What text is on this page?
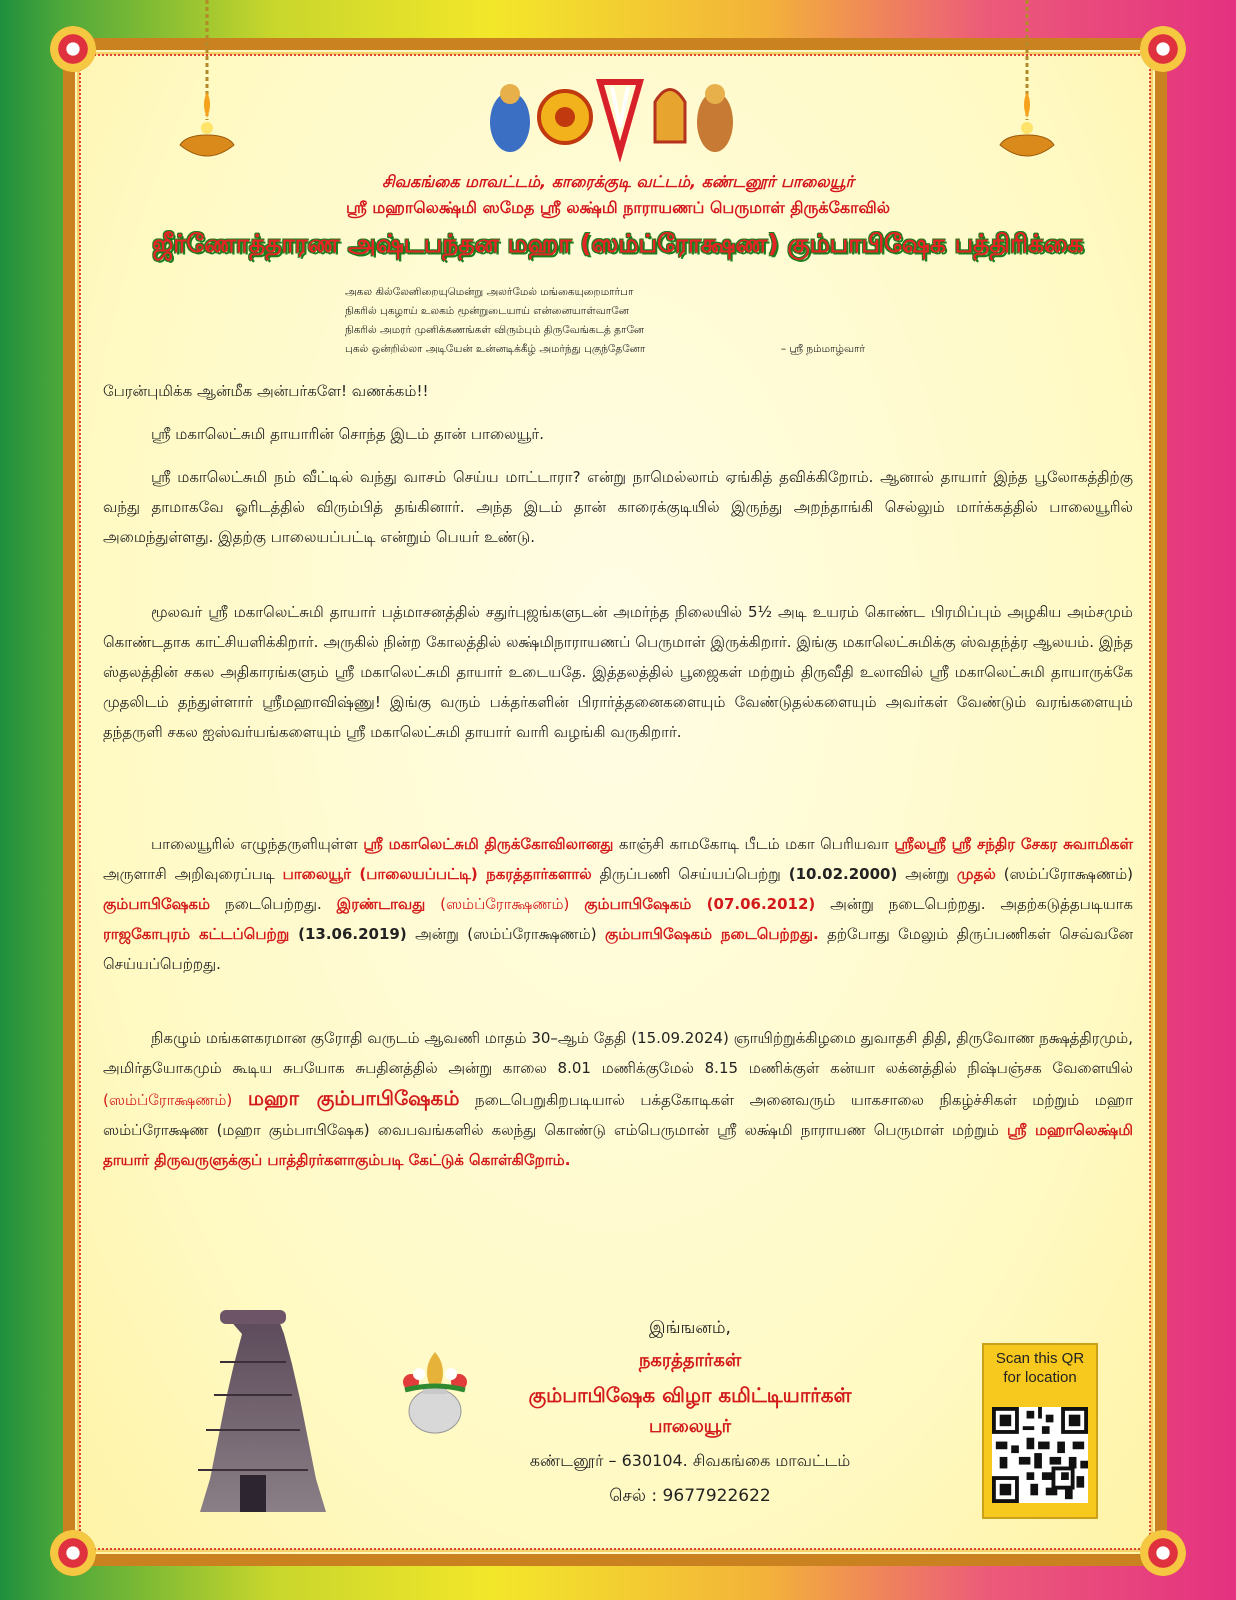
சிவகங்கை மாவட்டம், காரைக்குடி வட்டம், கண்டனூர் பாலையூர்
ஸ்ரீ மஹாலெக்ஷ்மி ஸமேத ஸ்ரீ லக்ஷ்மி நாராயணப் பெருமாள் திருக்கோவில்
ஜீர்ணோத்தாரண அஷ்டபந்தன மஹா (ஸம்ப்ரோக்ஷண) கும்பாபிஷேக பத்திரிக்கை
அகல கில்லேனிறையுமென்று அலர்மேல் மங்கையுறைமார்பா
நிகரில் புகழாய் உலகம் மூன்றுடையாய் என்னையாள்வானே
நிகரில் அமரர் முனிக்கணங்கள் விரும்பும் திருவேங்கடத் தானே
புகல் ஒன்றில்லா அடியேன் உன்னடிக்கீழ் அமர்ந்து புகுந்தேனோ	– ஸ்ரீ நம்மாழ்வார்
பேரன்புமிக்க ஆன்மீக அன்பர்களே! வணக்கம்!!

ஸ்ரீ மகாலெட்சுமி தாயாரின் சொந்த இடம் தான் பாலையூர்.

ஸ்ரீ மகாலெட்சுமி நம் வீட்டில் வந்து வாசம் செய்ய மாட்டாரா? என்று நாமெல்லாம் ஏங்கித் தவிக்கிறோம். ஆனால் தாயார் இந்த பூலோகத்திற்கு வந்து தாமாகவே ஓரிடத்தில் விரும்பித் தங்கினார். அந்த இடம் தான் காரைக்குடியில் இருந்து அறந்தாங்கி செல்லும் மார்க்கத்தில் பாலையூரில் அமைந்துள்ளது. இதற்கு பாலையப்பட்டி என்றும் பெயர் உண்டு.

மூலவர் ஸ்ரீ மகாலெட்சுமி தாயார் பத்மாசனத்தில் சதுர்புஜங்களுடன் அமர்ந்த நிலையில் 5½ அடி உயரம் கொண்ட பிரமிப்பும் அழகிய அம்சமும் கொண்டதாக காட்சியளிக்கிறார். அருகில் நின்ற கோலத்தில் லக்ஷ்மிநாராயணப் பெருமாள் இருக்கிறார். இங்கு மகாலெட்சுமிக்கு ஸ்வதந்த்ர ஆலயம். இந்த ஸ்தலத்தின் சகல அதிகாரங்களும் ஸ்ரீ மகாலெட்சுமி தாயார் உடையதே. இத்தலத்தில் பூஜைகள் மற்றும் திருவீதி உலாவில் ஸ்ரீ மகாலெட்சுமி தாயாருக்கே முதலிடம் தந்துள்ளார் ஸ்ரீமஹாவிஷ்ணு! இங்கு வரும் பக்தர்களின் பிரார்த்தனைகளையும் வேண்டுதல்களையும் அவர்கள் வேண்டும் வரங்களையும் தந்தருளி சகல ஐஸ்வர்யங்களையும் ஸ்ரீ மகாலெட்சுமி தாயார் வாரி வழங்கி வருகிறார்.

பாலையூரில் எழுந்தருளியுள்ள ஸ்ரீ மகாலெட்சுமி திருக்கோவிலானது காஞ்சி காமகோடி பீடம் மகா பெரியவா ஸ்ரீலஸ்ரீ ஸ்ரீ சந்திர சேகர சுவாமிகள் அருளாசி அறிவுரைப்படி பாலையூர் (பாலையப்பட்டி) நகரத்தார்களால் திருப்பணி செய்யப்பெற்று (10.02.2000) அன்று முதல் (ஸம்ப்ரோக்ஷணம்) கும்பாபிஷேகம் நடைபெற்றது. இரண்டாவது (ஸம்ப்ரோக்ஷணம்) கும்பாபிஷேகம் (07.06.2012) அன்று நடைபெற்றது. அதற்கடுத்தபடியாக ராஜகோபுரம் கட்டப்பெற்று (13.06.2019) அன்று (ஸம்ப்ரோக்ஷணம்) கும்பாபிஷேகம் நடைபெற்றது. தற்போது மேலும் திருப்பணிகள் செவ்வனே செய்யப்பெற்றது.

நிகழும் மங்களகரமான குரோதி வருடம் ஆவணி மாதம் 30–ஆம் தேதி (15.09.2024) ஞாயிற்றுக்கிழமை துவாதசி திதி, திருவோண நக்ஷத்திரமும், அமிர்தயோகமும் கூடிய சுபயோக சுபதினத்தில் அன்று காலை 8.01 மணிக்குமேல் 8.15 மணிக்குள் கன்யா லக்னத்தில் நிஷ்பஞ்சக வேளையில் (ஸம்ப்ரோக்ஷணம்) மஹா கும்பாபிஷேகம் நடைபெறுகிறபடியால் பக்தகோடிகள் அனைவரும் யாகசாலை நிகழ்ச்சிகள் மற்றும் மஹா ஸம்ப்ரோக்ஷண (மஹா கும்பாபிஷேக) வைபவங்களில் கலந்து கொண்டு எம்பெருமான் ஸ்ரீ லக்ஷ்மி நாராயண பெருமாள் மற்றும் ஸ்ரீ மஹாலெக்ஷ்மி தாயார் திருவருளுக்குப் பாத்திரர்களாகும்படி கேட்டுக் கொள்கிறோம்.

இங்ஙனம்,
நகரத்தார்கள்
கும்பாபிஷேக விழா கமிட்டியார்கள்
பாலையூர்
கண்டனூர் – 630104. சிவகங்கை மாவட்டம்
செல் : 9677922622
Scan this QR
for location
